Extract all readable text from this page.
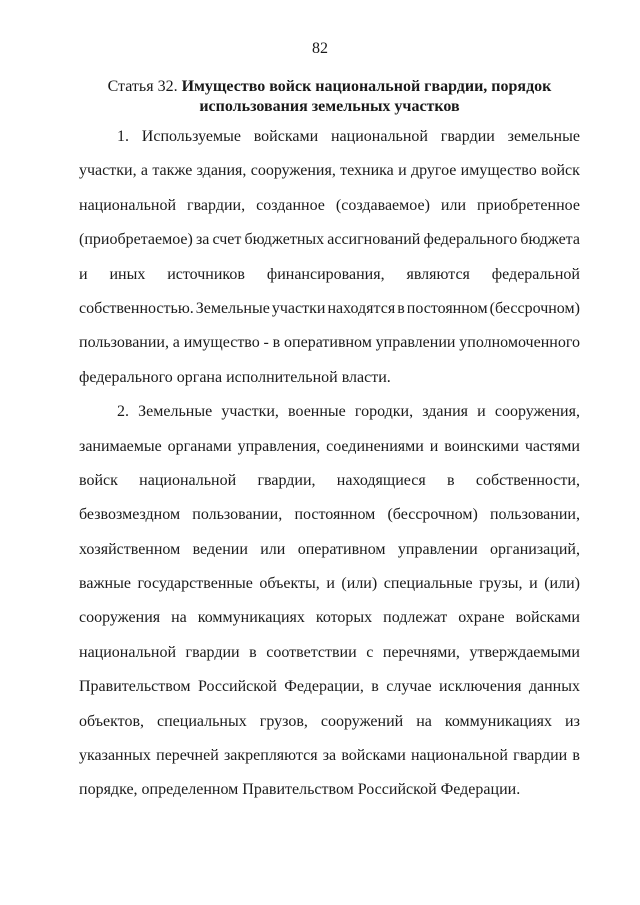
82
Статья 32. Имущество войск национальной гвардии, порядок
использования земельных участков
1. Используемые войсками национальной гвардии земельные
участки, а также здания, сооружения, техника и другое имущество войск
национальной гвардии, созданное (создаваемое) или приобретенное
(приобретаемое) за счет бюджетных ассигнований федерального бюджета
и иных источников финансирования, являются федеральной
собственностью. Земельные участки находятся в постоянном (бессрочном)
пользовании, а имущество - в оперативном управлении уполномоченного
федерального органа исполнительной власти.
2. Земельные участки, военные городки, здания и сооружения,
занимаемые органами управления, соединениями и воинскими частями
войск национальной гвардии, находящиеся в собственности,
безвозмездном пользовании, постоянном (бессрочном) пользовании,
хозяйственном ведении или оперативном управлении организаций,
важные государственные объекты, и (или) специальные грузы, и (или)
сооружения на коммуникациях которых подлежат охране войсками
национальной гвардии в соответствии с перечнями, утверждаемыми
Правительством Российской Федерации, в случае исключения данных
объектов, специальных грузов, сооружений на коммуникациях из
указанных перечней закрепляются за войсками национальной гвардии в
порядке, определенном Правительством Российской Федерации.
